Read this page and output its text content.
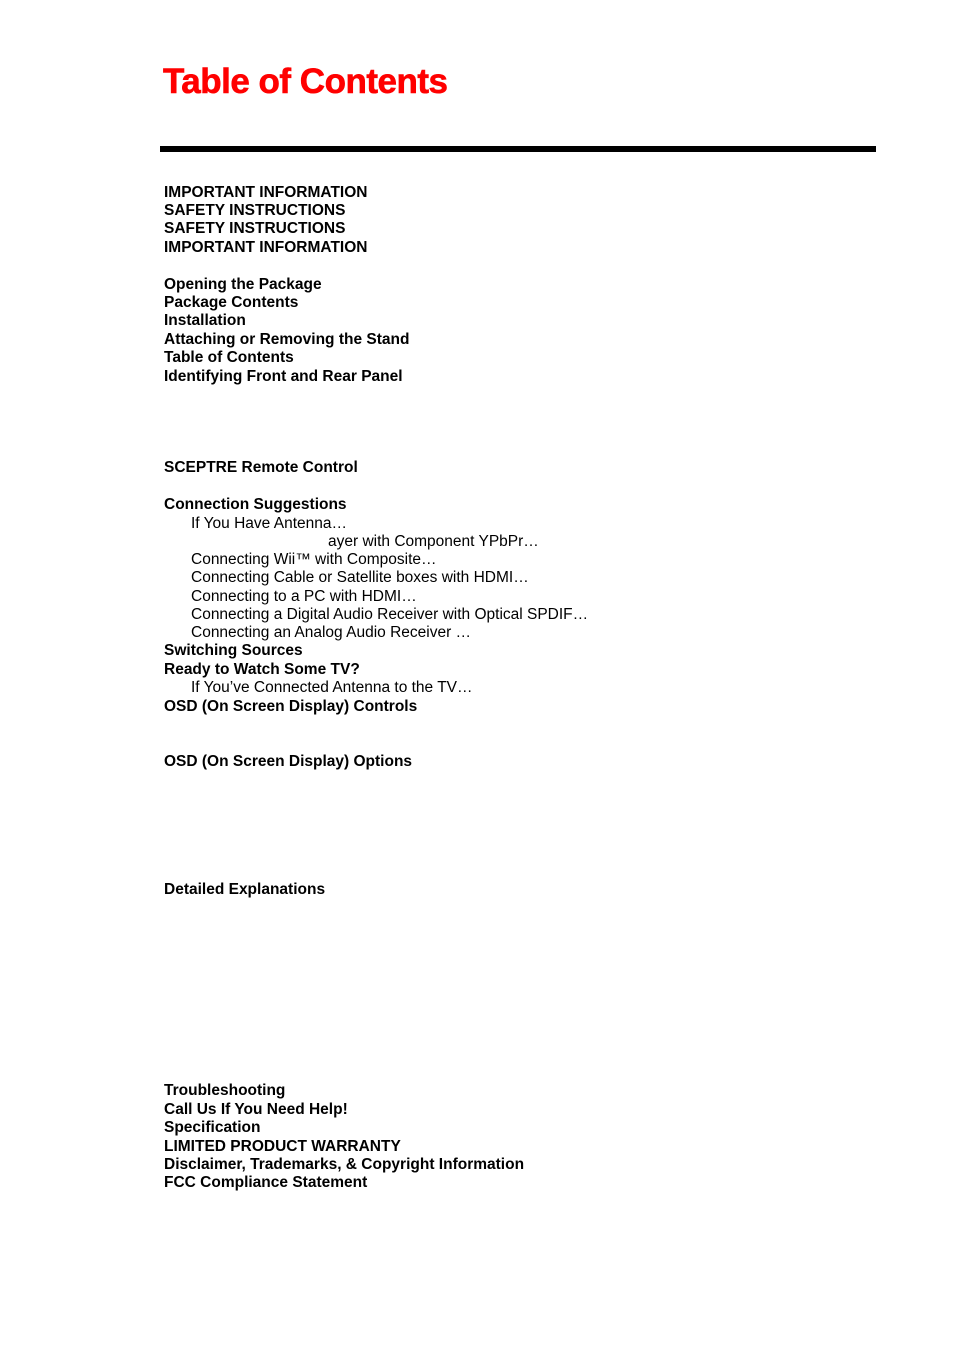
Table of Contents

IMPORTANT INFORMATION

SAFETY INSTRUCTIONS

SAFETY INSTRUCTIONS

IMPORTANT INFORMATION

Opening the Package

Package Contents

Installation

Attaching or Removing the Stand

Table of Contents

Identifying Front and Rear Panel

SCEPTRE Remote Control

Connection Suggestions

If You Have Antenna…

ayer with Component YPbPr…

Connecting Wii™ with Composite…

Connecting Cable or Satellite boxes with HDMI…

Connecting to a PC with HDMI…

Connecting a Digital Audio Receiver with Optical SPDIF…

Connecting an Analog Audio Receiver …

Switching Sources

Ready to Watch Some TV?

If You’ve Connected Antenna to the TV…

OSD (On Screen Display) Controls

OSD (On Screen Display) Options

Detailed Explanations

Troubleshooting

Call Us If You Need Help!

Specification

LIMITED PRODUCT WARRANTY

Disclaimer, Trademarks, & Copyright Information

FCC Compliance Statement
